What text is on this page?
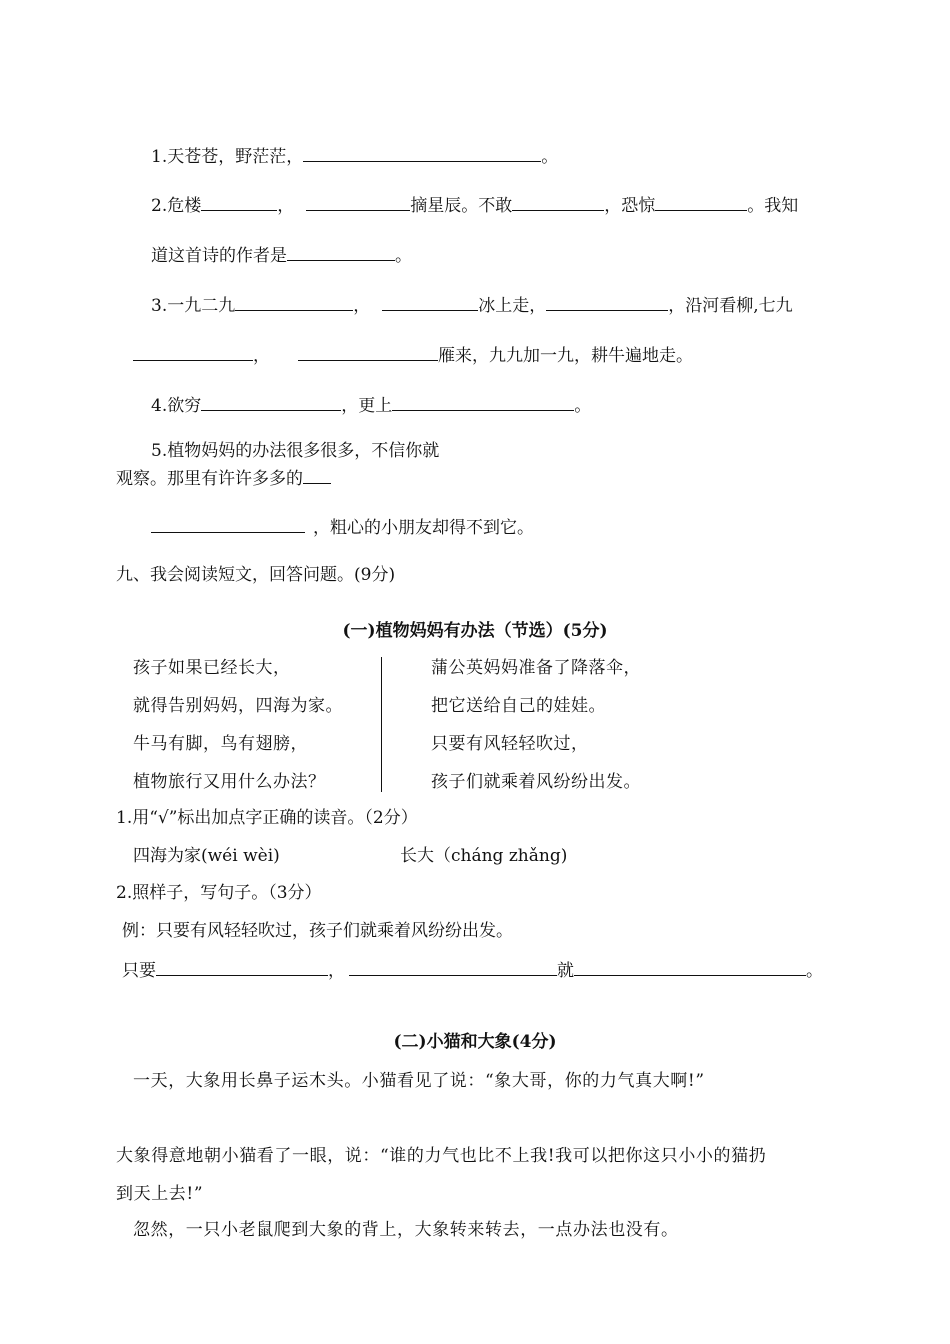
1.天苍苍，野茫茫，	。
2.危楼	，	摘星辰。不敢	，恐惊	。我知
道这首诗的作者是	。
3.一九二九	，	冰上走，	，沿河看柳,七九
，	雁来，九九加一九，耕牛遍地走。
4.欲穷	，更上	。
5.植物妈妈的办法很多很多，不信你就
观察。那里有许许多多的
，粗心的小朋友却得不到它。
九、我会阅读短文，回答问题。(9分)
(一)植物妈妈有办法（节选）(5分)
孩子如果已经长大，
就得告别妈妈，四海为家。
牛马有脚，鸟有翅膀，
植物旅行又用什么办法？
蒲公英妈妈准备了降落伞，
把它送给自己的娃娃。
只要有风轻轻吹过，
孩子们就乘着风纷纷出发。
1.用“√”标出加点字正确的读音。（2分）
四海为家(wéi wèi)	长大（cháng zhǎng)
2.照样子，写句子。（3分）
例：只要有风轻轻吹过，孩子们就乘着风纷纷出发。
只要	，	就	。
(二)小猫和大象(4分)
一天，大象用长鼻子运木头。小猫看见了说：“象大哥，你的力气真大啊!”
大象得意地朝小猫看了一眼，说：“谁的力气也比不上我!我可以把你这只小小的猫扔
到天上去!”
忽然，一只小老鼠爬到大象的背上，大象转来转去，一点办法也没有。
